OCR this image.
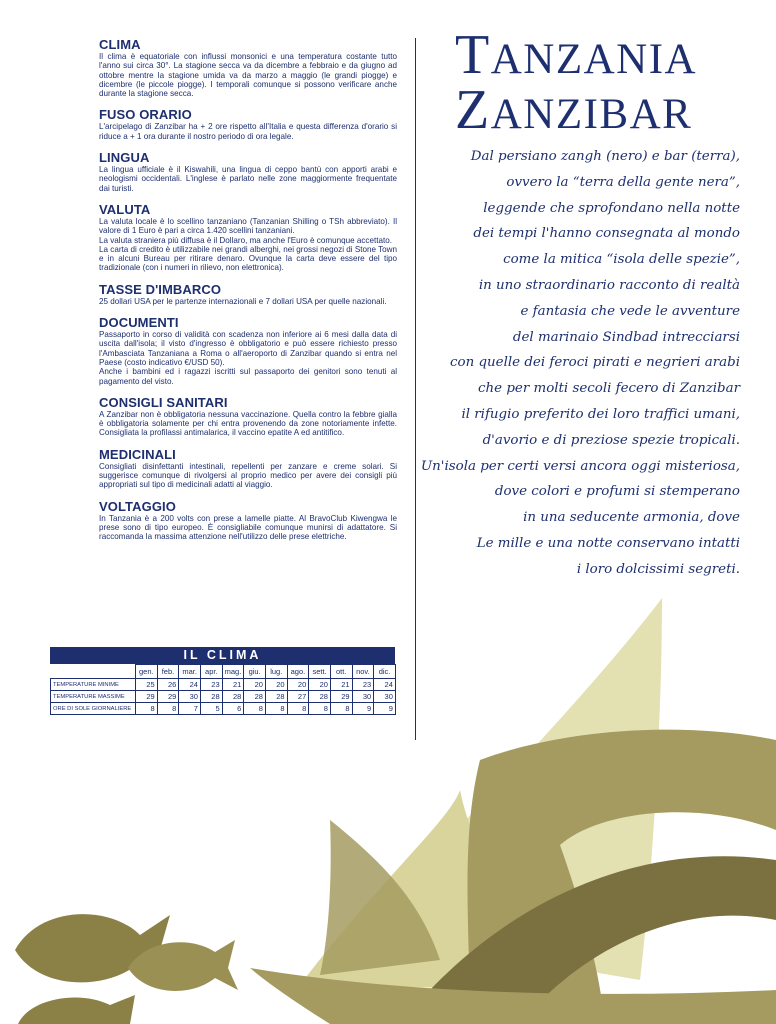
CLIMA

Il clima è equatoriale con influssi monsonici e una temperatura costante tutto l'anno sui circa 30°. La stagione secca va da dicembre a febbraio e da giugno ad ottobre mentre la stagione umida va da marzo a maggio (le grandi piogge) e dicembre (le piccole piogge). I temporali comunque si possono verificare anche durante la stagione secca.

FUSO ORARIO

L'arcipelago di Zanzibar ha + 2 ore rispetto all'Italia e questa differenza d'orario si riduce a + 1 ora durante il nostro periodo di ora legale.

LINGUA

La lingua ufficiale è il Kiswahili, una lingua di ceppo bantù con apporti arabi e neologismi occidentali. L'inglese è parlato nelle zone maggiormente frequentate dai turisti.

VALUTA

La valuta locale è lo scellino tanzaniano (Tanzanian Shilling o TSh abbreviato). Il valore di 1 Euro è pari a circa 1.420 scellini tanzaniani.
La valuta straniera più diffusa è il Dollaro, ma anche l'Euro è comunque accettato.
La carta di credito è utilizzabile nei grandi alberghi, nei grossi negozi di Stone Town e in alcuni Bureau per ritirare denaro. Ovunque la carta deve essere del tipo tradizionale (con i numeri in rilievo, non elettronica).

TASSE D'IMBARCO

25 dollari USA per le partenze internazionali e 7 dollari USA per quelle nazionali.

DOCUMENTI

Passaporto in corso di validità con scadenza non inferiore ai 6 mesi dalla data di uscita dall'isola; il visto d'ingresso è obbligatorio e può essere richiesto presso l'Ambasciata Tanzaniana a Roma o all'aeroporto di Zanzibar quando si entra nel Paese (costo indicativo €/USD 50).
Anche i bambini ed i ragazzi iscritti sul passaporto dei genitori sono tenuti al pagamento del visto.

CONSIGLI SANITARI

A Zanzibar non è obbligatoria nessuna vaccinazione. Quella contro la febbre gialla è obbligatoria solamente per chi entra provenendo da zone notoriamente infette. Consigliata la profilassi antimalarica, il vaccino epatite A ed antitifico.

MEDICINALI

Consigliati disinfettanti intestinali, repellenti per zanzare e creme solari. Si suggerisce comunque di rivolgersi al proprio medico per avere dei consigli più appropriati sul tipo di medicinali adatti al viaggio.

VOLTAGGIO

In Tanzania è a 200 volts con prese a lamelle piatte. Al BravoClub Kiwengwa le prese sono di tipo europeo. È consigliabile comunque munirsi di adattatore. Si raccomanda la massima attenzione nell'utilizzo delle prese elettriche.

TANZANIA
ZANZIBAR
Dal persiano zangh (nero) e bar (terra),
ovvero la “terra della gente nera”,
leggende che sprofondano nella notte
dei tempi l'hanno consegnata al mondo
come la mitica “isola delle spezie”,
in uno straordinario racconto di realtà
e fantasia che vede le avventure
del marinaio Sindbad intrecciarsi
con quelle dei feroci pirati e negrieri arabi
che per molti secoli fecero di Zanzibar
il rifugio preferito dei loro traffici umani,
d'avorio e di preziose spezie tropicali.
Un'isola per certi versi ancora oggi misteriosa,
dove colori e profumi si stemperano
in una seducente armonia, dove
Le mille e una notte conservano intatti
i loro dolcissimi segreti.
IL CLIMA
	gen.	feb.	mar.	apr.	mag.	giu.	lug.	ago.	sett.	ott.	nov.	dic.
TEMPERATURE MINIME	25	26	24	23	21	20	20	20	20	21	23	24
TEMPERATURE MASSIME	29	29	30	28	28	28	28	27	28	29	30	30
ORE DI SOLE GIORNALIERE	8	8	7	5	6	8	8	8	8	8	9	9
